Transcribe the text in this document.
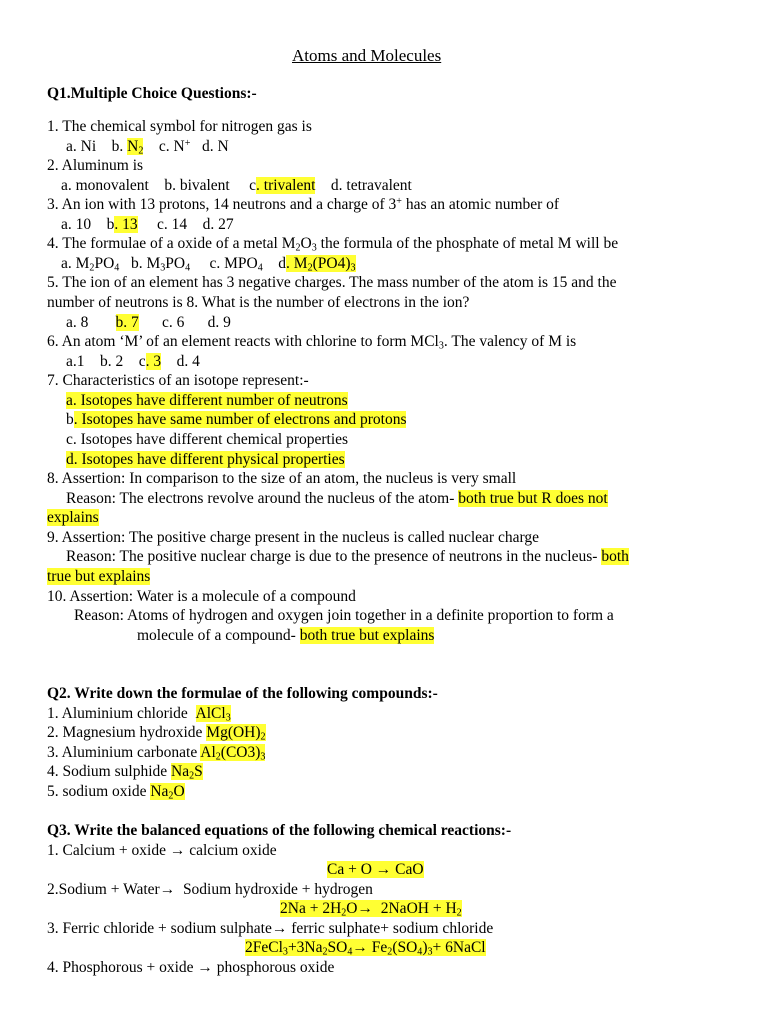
Atoms and Molecules
Q1.Multiple Choice Questions:-
1. The chemical symbol for nitrogen gas is
a. Ni b. $N_2$ c. N+ d. N
2. Aluminum is
a. monovalent b. bivalent c. trivalent d. tetravalent
3. An ion with 13 protons, 14 neutrons and a charge of 3+ has an atomic number of
a. 10 b. 13 c. 14 d. 27
4. The formulae of a oxide of a metal $M_2O_3$ the formula of the phosphate of metal M will be
a. $M_2PO_4$ b. $M_3PO_4$ c. $MPO_4$ d. $M_2(PO4)_3$
5. The ion of an element has 3 negative charges. The mass number of the atom is 15 and the
number of neutrons is 8. What is the number of electrons in the ion?
a. 8 b. 7 c. 6 d. 9
6. An atom ‘M’ of an element reacts with chlorine to form MCl$_3$. The valency of M is
a.1 b. 2 c. 3 d. 4
7. Characteristics of an isotope represent:-
a. Isotopes have different number of neutrons
b. Isotopes have same number of electrons and protons
c. Isotopes have different chemical properties
d. Isotopes have different physical properties
8. Assertion: In comparison to the size of an atom, the nucleus is very small
Reason: The electrons revolve around the nucleus of the atom- both true but R does not
explains
9. Assertion: The positive charge present in the nucleus is called nuclear charge
Reason: The positive nuclear charge is due to the presence of neutrons in the nucleus- both
true but explains
10. Assertion: Water is a molecule of a compound
Reason: Atoms of hydrogen and oxygen join together in a definite proportion to form a
molecule of a compound- both true but explains
Q2. Write down the formulae of the following compounds:-
1. Aluminium chloride AlCl$_3$
2. Magnesium hydroxide $Mg(OH)_2$
3. Aluminium carbonate $Al_2(CO3)_3$
4. Sodium sulphide $Na_2S$
5. sodium oxide $Na_2O$
Q3. Write the balanced equations of the following chemical reactions:-
1. Calcium + oxide → calcium oxide
Ca + O → CaO
2.Sodium + Water→ Sodium hydroxide + hydrogen
$2Na + 2H_2O\to$  2NaOH + $H_2$
3. Ferric chloride + sodium sulphate→ ferric sulphate+ sodium chloride
$2FeCl_3+3Na_2SO_4\to Fe_2(SO_4)_3+$ 6NaCl
4. Phosphorous + oxide → phosphorous oxide
